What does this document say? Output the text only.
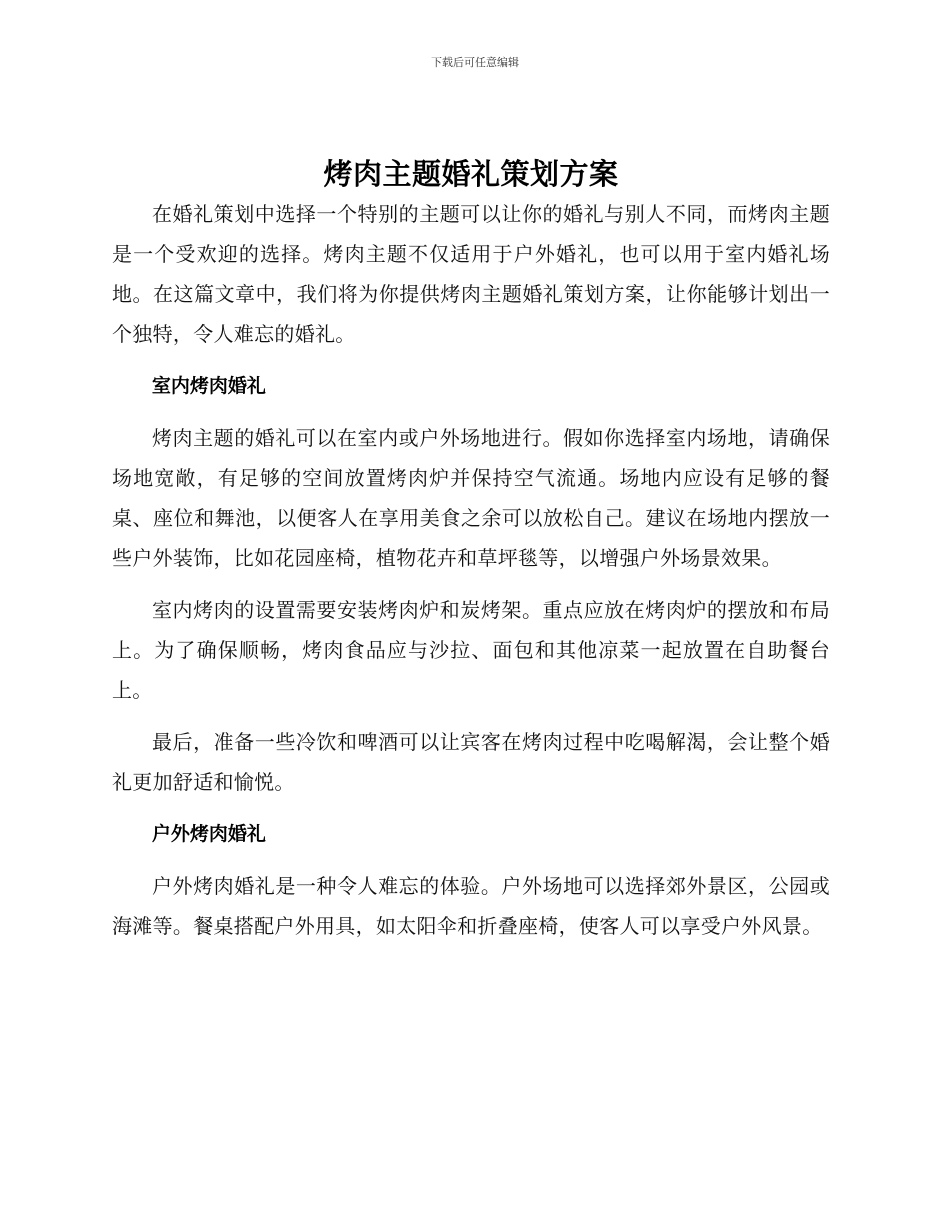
下载后可任意编辑
烤肉主题婚礼策划方案

在婚礼策划中选择一个特别的主题可以让你的婚礼与别人不同，而烤肉主题是一个受欢迎的选择。烤肉主题不仅适用于户外婚礼，也可以用于室内婚礼场地。在这篇文章中，我们将为你提供烤肉主题婚礼策划方案，让你能够计划出一个独特，令人难忘的婚礼。

室内烤肉婚礼

烤肉主题的婚礼可以在室内或户外场地进行。假如你选择室内场地，请确保场地宽敞，有足够的空间放置烤肉炉并保持空气流通。场地内应设有足够的餐桌、座位和舞池，以便客人在享用美食之余可以放松自己。建议在场地内摆放一些户外装饰，比如花园座椅，植物花卉和草坪毯等，以增强户外场景效果。

室内烤肉的设置需要安装烤肉炉和炭烤架。重点应放在烤肉炉的摆放和布局上。为了确保顺畅，烤肉食品应与沙拉、面包和其他凉菜一起放置在自助餐台上。

最后，准备一些冷饮和啤酒可以让宾客在烤肉过程中吃喝解渴，会让整个婚礼更加舒适和愉悦。

户外烤肉婚礼

户外烤肉婚礼是一种令人难忘的体验。户外场地可以选择郊外景区，公园或海滩等。餐桌搭配户外用具，如太阳伞和折叠座椅，使客人可以享受户外风景。
